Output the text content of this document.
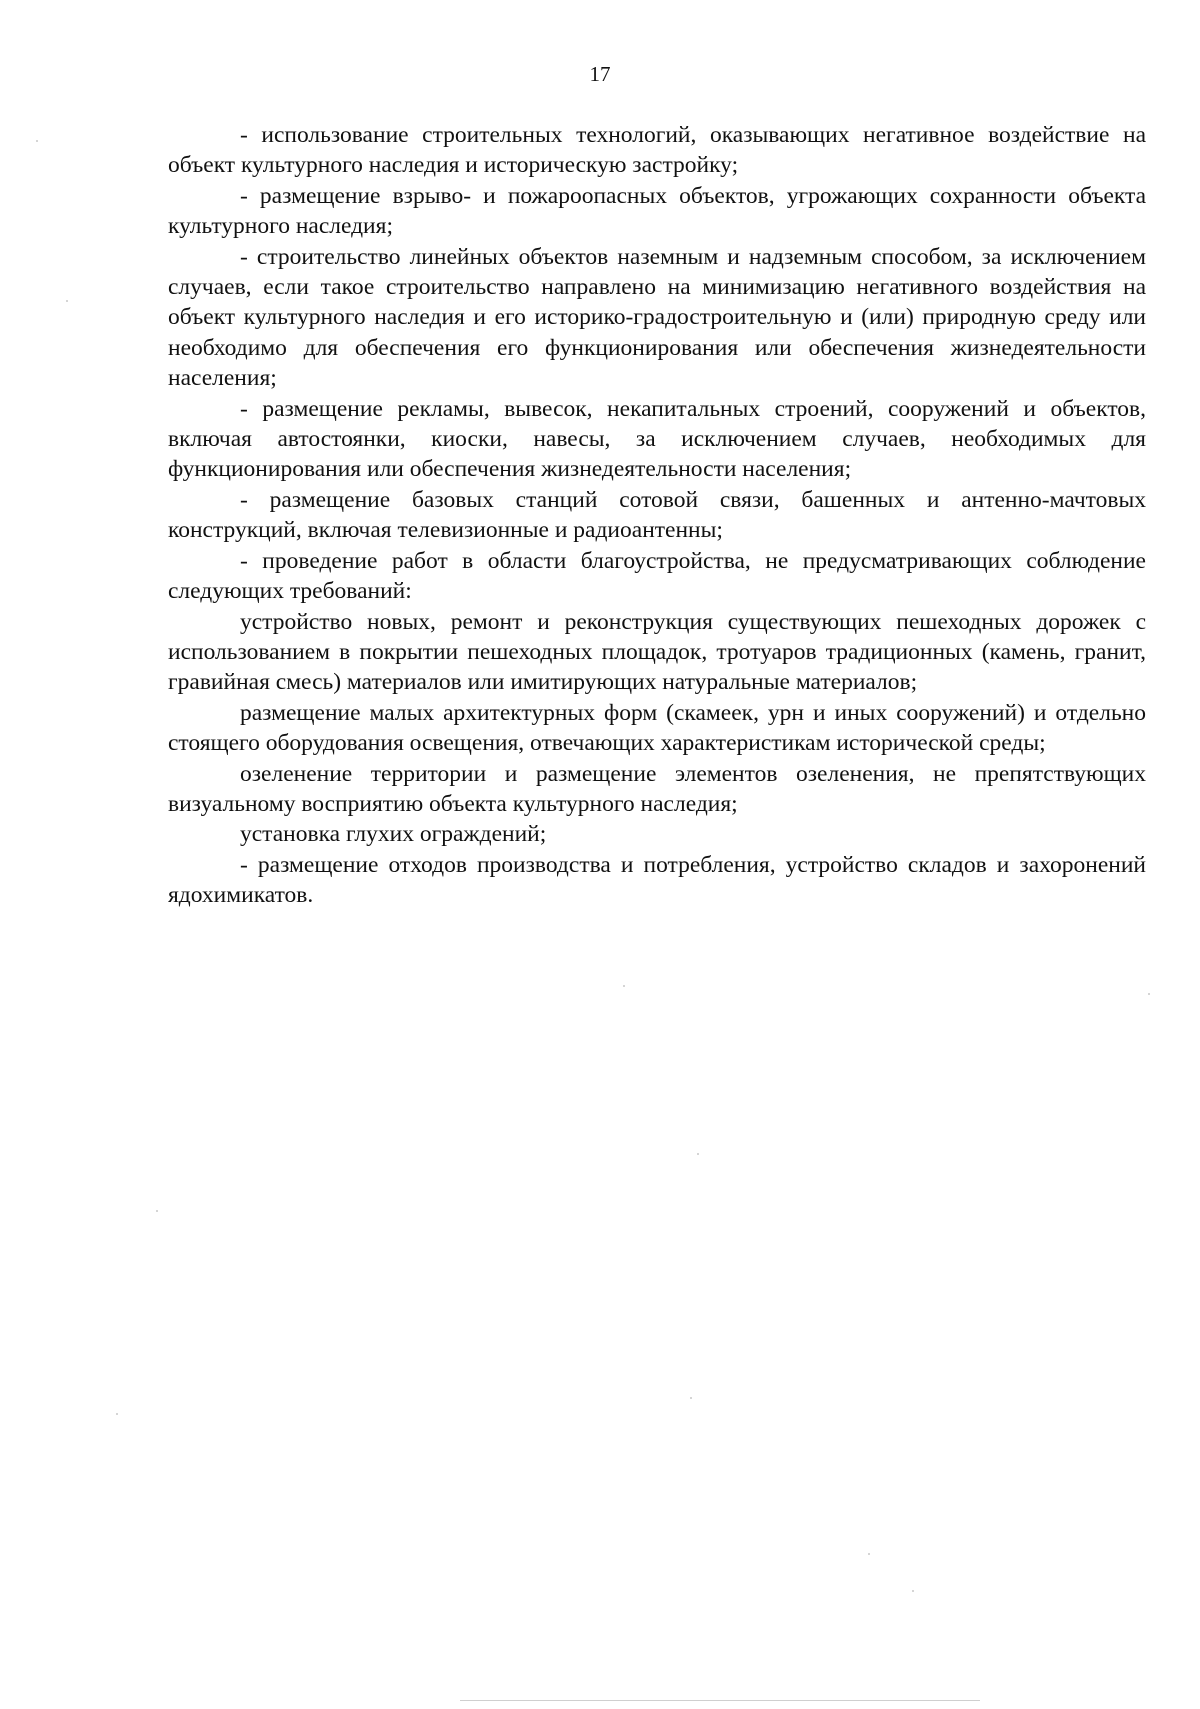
17

- использование строительных технологий, оказывающих негативное воздействие на объект культурного наследия и историческую застройку;

- размещение взрыво- и пожароопасных объектов, угрожающих сохранности объекта культурного наследия;

- строительство линейных объектов наземным и надземным способом, за исключением случаев, если такое строительство направлено на минимизацию негативного воздействия на объект культурного наследия и его историко-градостроительную и (или) природную среду или необходимо для обеспечения его функционирования или обеспечения жизнедеятельности населения;

- размещение рекламы, вывесок, некапитальных строений, сооружений и объектов, включая автостоянки, киоски, навесы, за исключением случаев, необходимых для функционирования или обеспечения жизнедеятельности населения;

- размещение базовых станций сотовой связи, башенных и антенно-мачтовых конструкций, включая телевизионные и радиоантенны;

- проведение работ в области благоустройства, не предусматривающих соблюдение следующих требований:

устройство новых, ремонт и реконструкция существующих пешеходных дорожек с использованием в покрытии пешеходных площадок, тротуаров традиционных (камень, гранит, гравийная смесь) материалов или имитирующих натуральные материалов;

размещение малых архитектурных форм (скамеек, урн и иных сооружений) и отдельно стоящего оборудования освещения, отвечающих характеристикам исторической среды;

озеленение территории и размещение элементов озеленения, не препятствующих визуальному восприятию объекта культурного наследия;

установка глухих ограждений;

- размещение отходов производства и потребления, устройство складов и захоронений ядохимикатов.
